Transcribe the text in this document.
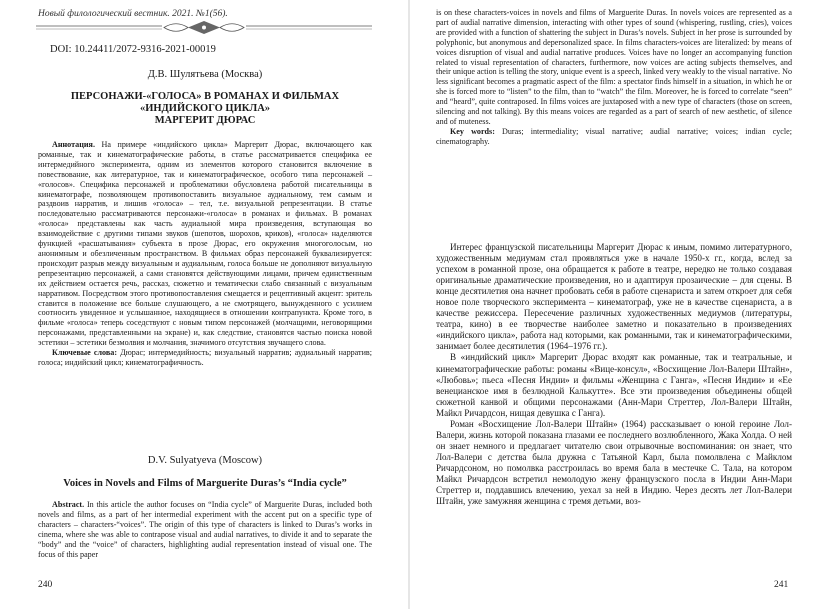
Новый филологический вестник. 2021. №1(56).
DOI: 10.24411/2072-9316-2021-00019
Д.В. Шулятьева (Москва)
ПЕРСОНАЖИ-«ГОЛОСА» В РОМАНАХ И ФИЛЬМАХ
«ИНДИЙСКОГО ЦИКЛА»
МАРГЕРИТ ДЮРАС

Аннотация. На примере «индийского цикла» Маргерит Дюрас, включающего как романные, так и кинематографические работы, в статье рассматривается специфика ее интермедийного эксперимента, одним из элементов которого становится включение в повествование, как литературное, так и кинематографическое, особого типа персонажей – «голосов». Специфика персонажей и проблематики обусловлена работой писательницы в кинематографе, позволяющем противопоставить визуальное аудиальному, тем самым и раздвоив нарратив, и лишив «голоса» – тел, т.е. визуальной репрезентации. В статье последовательно рассматриваются персонажи-«голоса» в романах и фильмах. В романах «голоса» представлены как часть аудиальной мира произведения, вступающая во взаимодействие с другими типами звуков (шепотов, шорохов, криков), «голоса» наделяются функцией «расшатывания» субъекта в прозе Дюрас, его окружения многоголосым, но анонимным и обезличенным пространством. В фильмах образ персонажей буквализируется: происходит разрыв между визуальным и аудиальным, голоса больше не дополняют визуальную репрезентацию персонажей, а сами становятся действующими лицами, причем единственным их действием остается речь, рассказ, сюжетно и тематически слабо связанный с визуальным нарративом. Посредством этого противопоставления смещается и рецептивный акцент: зритель ставится в положение все больше слушающего, а не смотрящего, вынужденного с усилием соотносить увиденное и услышанное, находящиеся в отношении контрапункта. Кроме того, в фильме «голоса» теперь соседствуют с новым типом персонажей (молчащими, неговорящими персонажами, представленными на экране) и, как следствие, становятся частью поиска новой эстетики – эстетики безмолвия и молчания, значимого отсутствия звучащего слова.

Ключевые слова: Дюрас; интермедийность; визуальный нарратив; аудиальный нарратив; голоса; индийский цикл; кинематографичность.

D.V. Sulyatyeva (Moscow)
Voices in Novels and Films of Marguerite Duras’s “India cycle”

Abstract. In this article the author focuses on “India cycle” of Marguerite Duras, included both novels and films, as a part of her intermedial experiment with the accent put on a specific type of characters – characters-“voices”. The origin of this type of characters is linked to Duras’s works in cinema, where she was able to contrapose visual and audial narratives, to divide it and to separate the “body” and the “voice” of characters, highlighting audial representation instead of visual one. The focus of this paper

240

is on these characters-voices in novels and films of Marguerite Duras. In novels voices are represented as a part of audial narrative dimension, interacting with other types of sound (whispering, rustling, cries), voices are provided with a function of shattering the subject in Duras’s novels. Subject in her prose is surrounded by polyphonic, but anonymous and depersonalized space. In films characters-voices are literalized: by means of voices disruption of visual and audial narrative produces. Voices have no longer an accompanying function related to visual representation of characters, furthermore, now voices are acting subjects themselves, and their unique action is telling the story, unique event is a speech, linked very weakly to the visual narrative. No less significant becomes a pragmatic aspect of the film: a spectator finds himself in a situation, in which he or she is forced more to “listen” to the film, than to “watch” the film. Moreover, he is forced to correlate “seen” and “heard”, quite contraposed. In films voices are juxtaposed with a new type of characters (those on screen, silencing and not talking). By this means voices are regarded as a part of search of new aesthetic, of silence and of muteness.

Key words: Duras; intermediality; visual narrative; audial narrative; voices; indian cycle; cinematography.

Интерес французской писательницы Маргерит Дюрас к иным, помимо литературного, художественным медиумам стал проявляться уже в начале 1950-х гг., когда, вслед за успехом в романной прозе, она обращается к работе в театре, нередко не только создавая оригинальные драматические произведения, но и адаптируя прозаические – для сцены. В конце десятилетия она начнет пробовать себя в работе сценариста и затем откроет для себя новое поле творческого эксперимента – кинематограф, уже не в качестве сценариста, а в качестве режиссера. Пересечение различных художественных медиумов (литературы, театра, кино) в ее творчестве наиболее заметно и показательно в произведениях «индийского цикла», работа над которыми, как романными, так и кинематографическими, занимает более десятилетия (1964–1976 гг.).

В «индийский цикл» Маргерит Дюрас входят как романные, так и театральные, и кинематографические работы: романы «Вице-консул», «Восхищение Лол-Валери Штайн», «Любовь»; пьеса «Песня Индии» и фильмы «Женщина с Ганга», «Песня Индии» и «Ее венецианское имя в безлюдной Калькутте». Все эти произведения объединены общей сюжетной канвой и общими персонажами (Анн-Мари Стреттер, Лол-Валери Штайн, Майкл Ричардсон, нищая девушка с Ганга).

Роман «Восхищение Лол-Валери Штайн» (1964) рассказывает о юной героине Лол-Валери, жизнь которой показана глазами ее последнего возлюбленного, Жака Холда. О ней он знает немного и предлагает читателю свои отрывочные воспоминания: он знает, что Лол-Валери с детства была дружна с Татьяной Карл, была помолвлена с Майклом Ричардсоном, но помолвка расстроилась во время бала в местечке С. Тала, на котором Майкл Ричардсон встретил немолодую жену французского посла в Индии Анн-Мари Стреттер и, поддавшись влечению, уехал за ней в Индию. Через десять лет Лол-Валери Штайн, уже замужняя женщина с тремя детьми, воз-

241
